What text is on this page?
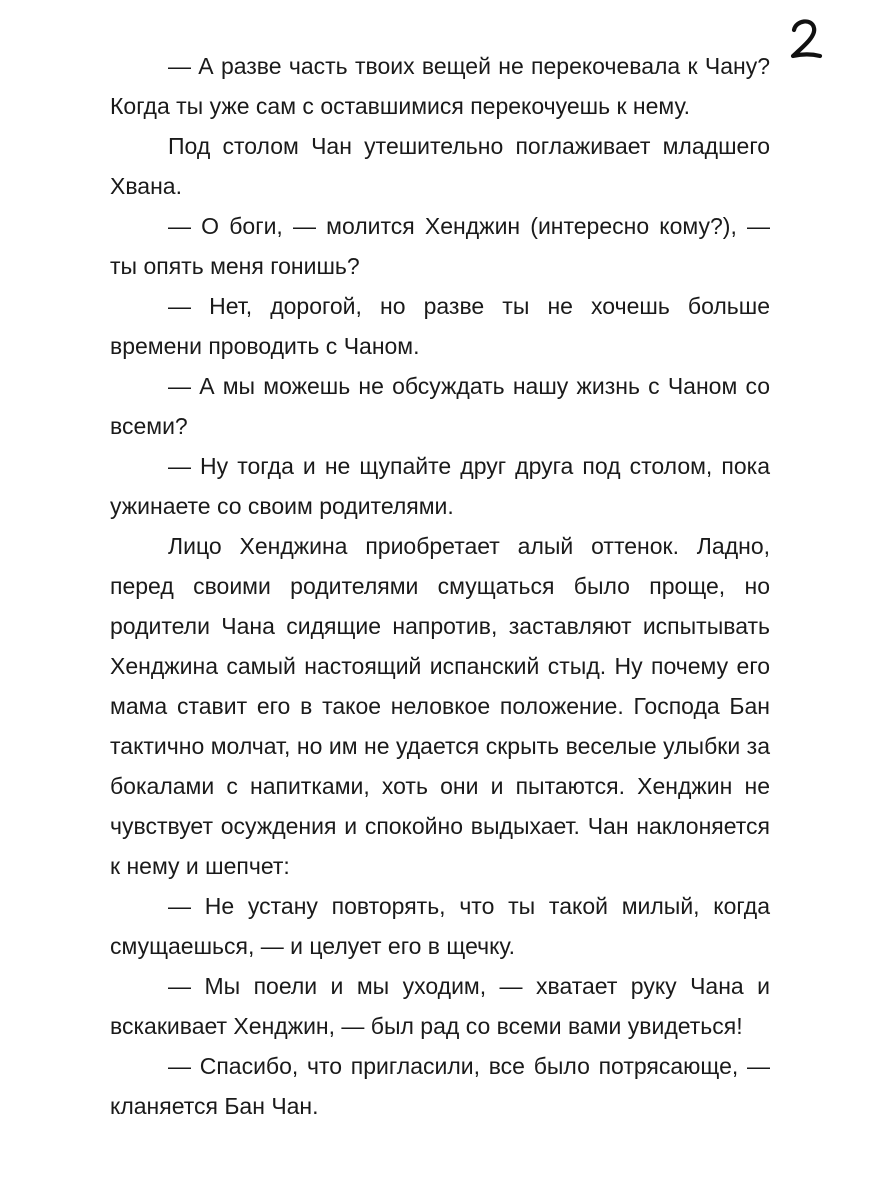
— А разве часть твоих вещей не перекочевала к Чану? Когда ты уже сам с оставшимися перекочуешь к нему.

Под столом Чан утешительно поглаживает младшего Хвана.

— О боги, — молится Хенджин (интересно кому?), — ты опять меня гонишь?

— Нет, дорогой, но разве ты не хочешь больше времени проводить с Чаном.

— А мы можешь не обсуждать нашу жизнь с Чаном со всеми?

— Ну тогда и не щупайте друг друга под столом, пока ужинаете со своим родителями.

Лицо Хенджина приобретает алый оттенок. Ладно, перед своими родителями смущаться было проще, но родители Чана сидящие напротив, заставляют испытывать Хенджина самый настоящий испанский стыд. Ну почему его мама ставит его в такое неловкое положение. Господа Бан тактично молчат, но им не удается скрыть веселые улыбки за бокалами с напитками, хоть они и пытаются. Хенджин не чувствует осуждения и спокойно выдыхает. Чан наклоняется к нему и шепчет:

— Не устану повторять, что ты такой милый, когда смущаешься, — и целует его в щечку.

— Мы поели и мы уходим, — хватает руку Чана и вскакивает Хенджин, — был рад со всеми вами увидеться!

— Спасибо, что пригласили, все было потрясающе, — кланяется Бан Чан.
